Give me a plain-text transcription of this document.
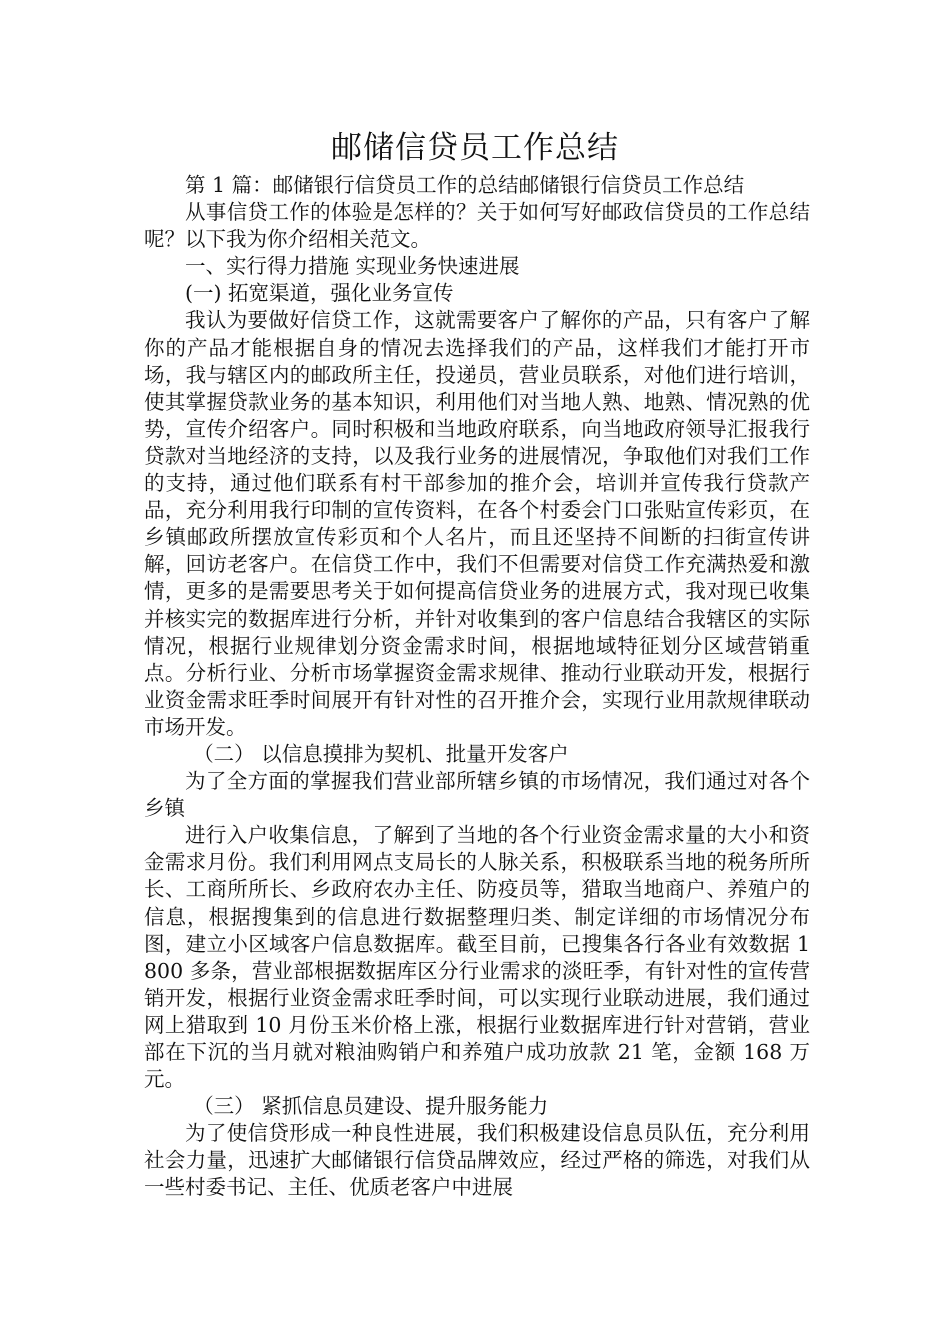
邮储信贷员工作总结

第 1 篇：邮储银行信贷员工作的总结邮储银行信贷员工作总结

从事信贷工作的体验是怎样的？关于如何写好邮政信贷员的工作总结呢？以下我为你介绍相关范文。

一、实行得力措施 实现业务快速进展

(一) 拓宽渠道，强化业务宣传

我认为要做好信贷工作，这就需要客户了解你的产品，只有客户了解你的产品才能根据自身的情况去选择我们的产品，这样我们才能打开市场，我与辖区内的邮政所主任，投递员，营业员联系，对他们进行培训，使其掌握贷款业务的基本知识，利用他们对当地人熟、地熟、情况熟的优势，宣传介绍客户。同时积极和当地政府联系，向当地政府领导汇报我行贷款对当地经济的支持，以及我行业务的进展情况，争取他们对我们工作的支持，通过他们联系有村干部参加的推介会，培训并宣传我行贷款产品，充分利用我行印制的宣传资料，在各个村委会门口张贴宣传彩页，在乡镇邮政所摆放宣传彩页和个人名片，而且还坚持不间断的扫街宣传讲解，回访老客户。在信贷工作中，我们不但需要对信贷工作充满热爱和激情，更多的是需要思考关于如何提高信贷业务的进展方式，我对现已收集并核实完的数据库进行分析，并针对收集到的客户信息结合我辖区的实际情况，根据行业规律划分资金需求时间，根据地域特征划分区域营销重点。分析行业、分析市场掌握资金需求规律、推动行业联动开发，根据行业资金需求旺季时间展开有针对性的召开推介会，实现行业用款规律联动市场开发。

（二） 以信息摸排为契机、批量开发客户

为了全方面的掌握我们营业部所辖乡镇的市场情况，我们通过对各个乡镇

进行入户收集信息，了解到了当地的各个行业资金需求量的大小和资金需求月份。我们利用网点支局长的人脉关系，积极联系当地的税务所所长、工商所所长、乡政府农办主任、防疫员等，猎取当地商户、养殖户的信息，根据搜集到的信息进行数据整理归类、制定详细的市场情况分布图，建立小区域客户信息数据库。截至目前，已搜集各行各业有效数据 1800 多条，营业部根据数据库区分行业需求的淡旺季，有针对性的宣传营销开发，根据行业资金需求旺季时间，可以实现行业联动进展，我们通过网上猎取到 10 月份玉米价格上涨，根据行业数据库进行针对营销，营业部在下沉的当月就对粮油购销户和养殖户成功放款 21 笔，金额 168 万元。

（三） 紧抓信息员建设、提升服务能力

为了使信贷形成一种良性进展，我们积极建设信息员队伍，充分利用社会力量，迅速扩大邮储银行信贷品牌效应，经过严格的筛选，对我们从一些村委书记、主任、优质老客户中进展
